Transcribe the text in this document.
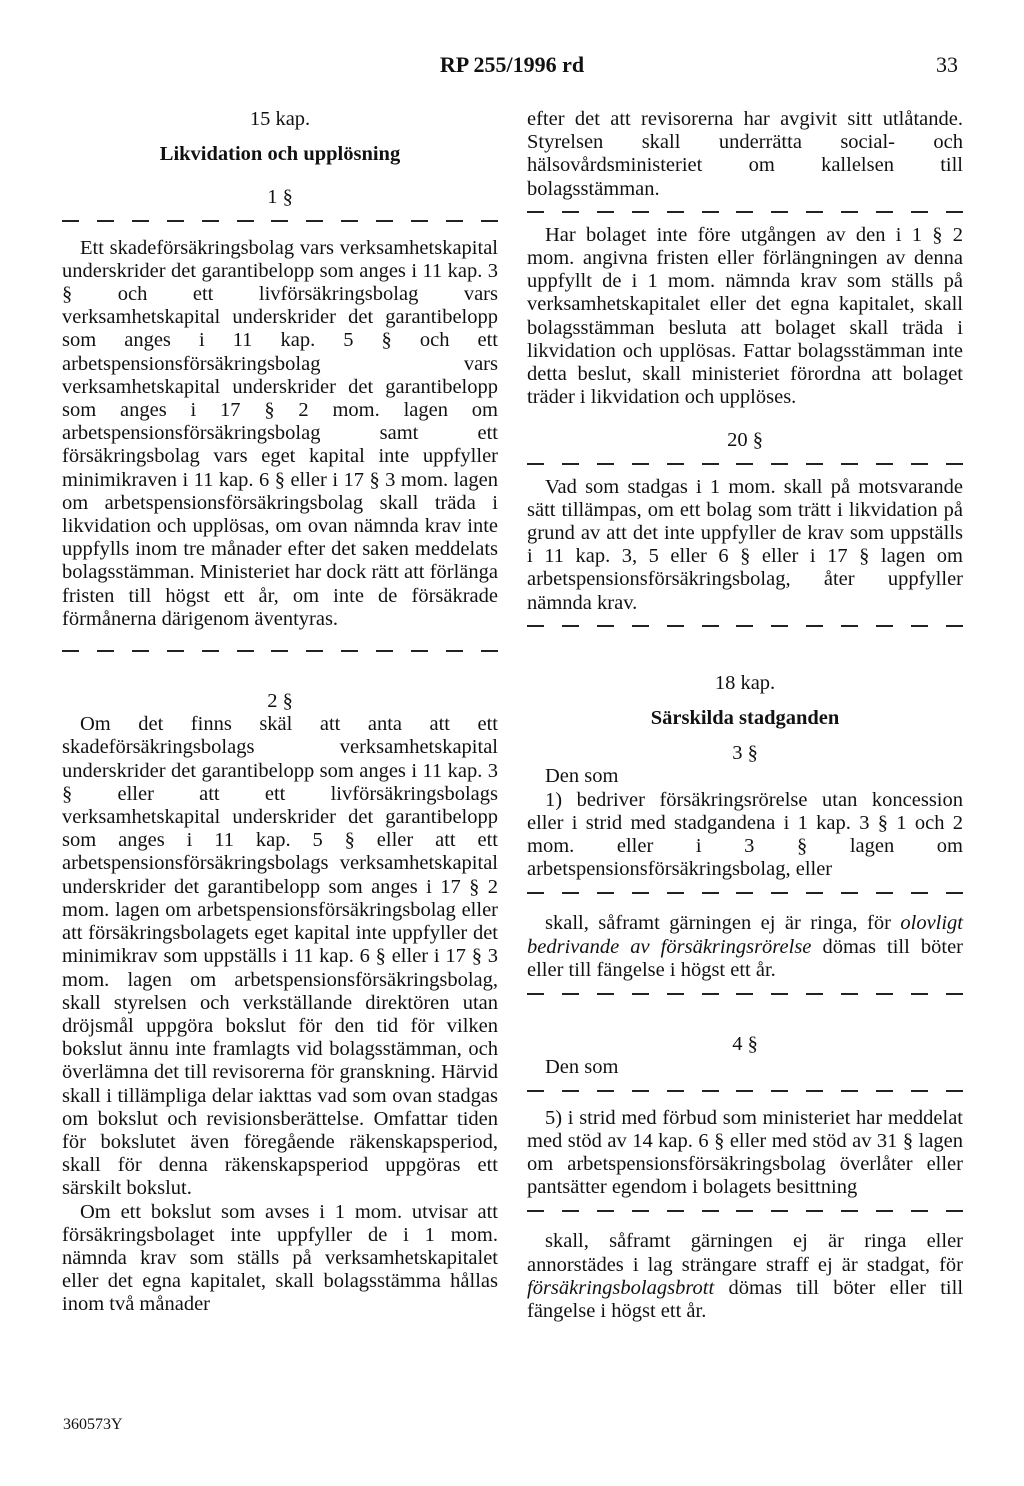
RP 255/1996 rd	33
15 kap.
Likvidation och upplösning
1 §

Ett skadeförsäkringsbolag vars verksamhetskapital underskrider det garantibelopp som anges i 11 kap. 3 § och ett livförsäkringsbolag vars verksamhetskapital underskrider det garantibelopp som anges i 11 kap. 5 § och ett arbetspensionsförsäkringsbolag vars verksamhetskapital underskrider det garantibelopp som anges i 17 § 2 mom. lagen om arbetspensionsförsäkringsbolag samt ett försäkringsbolag vars eget kapital inte uppfyller minimikraven i 11 kap. 6 § eller i 17 § 3 mom. lagen om arbetspensionsförsäkringsbolag skall träda i likvidation och upplösas, om ovan nämnda krav inte uppfylls inom tre månader efter det saken meddelats bolagsstämman. Ministeriet har dock rätt att förlänga fristen till högst ett år, om inte de försäkrade förmånerna därigenom äventyras.

2 §

Om det finns skäl att anta att ett skadeförsäkringsbolags verksamhetskapital underskrider det garantibelopp som anges i 11 kap. 3 § eller att ett livförsäkringsbolags verksamhetskapital underskrider det garantibelopp som anges i 11 kap. 5 § eller att ett arbetspensionsförsäkringsbolags verksamhetskapital underskrider det garantibelopp som anges i 17 § 2 mom. lagen om arbetspensionsförsäkringsbolag eller att försäkringsbolagets eget kapital inte uppfyller det minimikrav som uppställs i 11 kap. 6 § eller i 17 § 3 mom. lagen om arbetspensionsförsäkringsbolag, skall styrelsen och verkställande direktören utan dröjsmål uppgöra bokslut för den tid för vilken bokslut ännu inte framlagts vid bolagsstämman, och överlämna det till revisorerna för granskning. Härvid skall i tillämpliga delar iakttas vad som ovan stadgas om bokslut och revisionsberättelse. Omfattar tiden för bokslutet även föregående räkenskapsperiod, skall för denna räkenskapsperiod uppgöras ett särskilt bokslut.

Om ett bokslut som avses i 1 mom. utvisar att försäkringsbolaget inte uppfyller de i 1 mom. nämnda krav som ställs på verksamhetskapitalet eller det egna kapitalet, skall bolagsstämma hållas inom två månader

efter det att revisorerna har avgivit sitt utlåtande. Styrelsen skall underrätta social- och hälsovårdsministeriet om kallelsen till bolagsstämman.

Har bolaget inte före utgången av den i 1 § 2 mom. angivna fristen eller förlängningen av denna uppfyllt de i 1 mom. nämnda krav som ställs på verksamhetskapitalet eller det egna kapitalet, skall bolagsstämman besluta att bolaget skall träda i likvidation och upplösas. Fattar bolagsstämman inte detta beslut, skall ministeriet förordna att bolaget träder i likvidation och upplöses.

20 §

Vad som stadgas i 1 mom. skall på motsvarande sätt tillämpas, om ett bolag som trätt i likvidation på grund av att det inte uppfyller de krav som uppställs i 11 kap. 3, 5 eller 6 § eller i 17 § lagen om arbetspensionsförsäkringsbolag, åter uppfyller nämnda krav.

18 kap.
Särskilda stadganden
3 §

Den som

1) bedriver försäkringsrörelse utan koncession eller i strid med stadgandena i 1 kap. 3 § 1 och 2 mom. eller i 3 § lagen om arbetspensionsförsäkringsbolag, eller

skall, såframt gärningen ej är ringa, för olovligt bedrivande av försäkringsrörelse dömas till böter eller till fängelse i högst ett år.

4 §

Den som

5) i strid med förbud som ministeriet har meddelat med stöd av 14 kap. 6 § eller med stöd av 31 § lagen om arbetspensionsförsäkringsbolag överlåter eller pantsätter egendom i bolagets besittning

skall, såframt gärningen ej är ringa eller annorstädes i lag strängare straff ej är stadgat, för försäkringsbolagsbrott dömas till böter eller till fängelse i högst ett år.

360573Y
